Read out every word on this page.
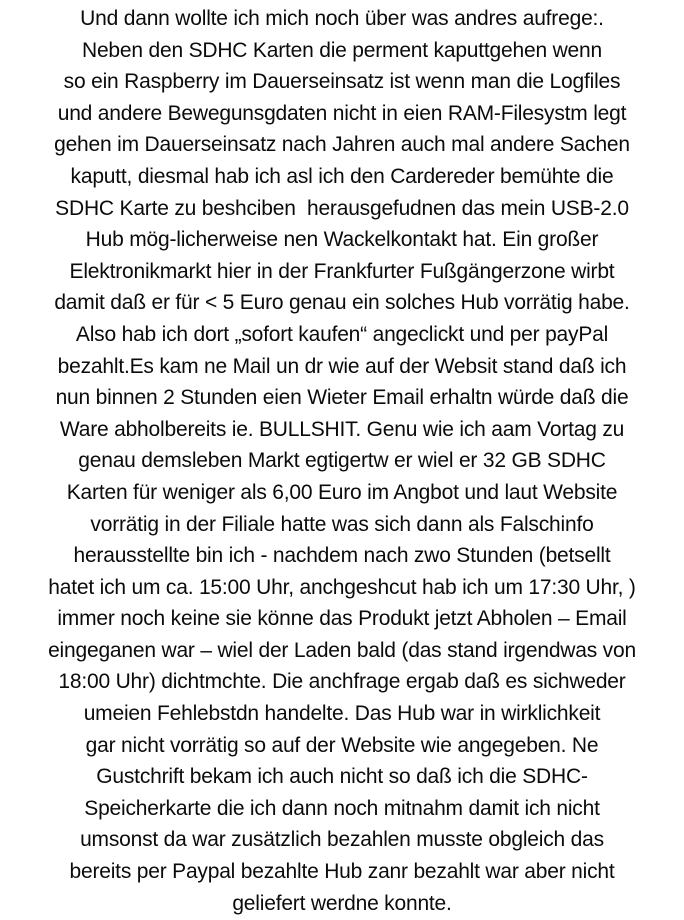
Und dann wollte ich mich noch über was andres aufrege:.
Neben den SDHC Karten die perment kaputtgehen wenn
so ein Raspberry im Dauerseinsatz ist wenn man die Logfiles
und andere Bewegunsgdaten nicht in eien RAM-Filesystm legt
gehen im Dauerseinsatz nach Jahren auch mal andere Sachen
kaputt, diesmal hab ich asl ich den Cardereder bemühte die
SDHC Karte zu beshciben  herausgefudnen das mein USB-2.0
Hub mög-licherweise nen Wackelkontakt hat. Ein großer
Elektronikmarkt hier in der Frankfurter Fußgängerzone wirbt
damit daß er für < 5 Euro genau ein solches Hub vorrätig habe.
Also hab ich dort „sofort kaufen“ angeclickt und per payPal
bezahlt.Es kam ne Mail un dr wie auf der Websit stand daß ich
nun binnen 2 Stunden eien Wieter Email erhaltn würde daß die
Ware abholbereits ie. BULLSHIT. Genu wie ich aam Vortag zu
genau demsleben Markt egtigertw er wiel er 32 GB SDHC
Karten für weniger als 6,00 Euro im Angbot und laut Website
vorrätig in der Filiale hatte was sich dann als Falschinfo
herausstellte bin ich - nachdem nach zwo Stunden (betsellt
hatet ich um ca. 15:00 Uhr, anchgeshcut hab ich um 17:30 Uhr, )
immer noch keine sie könne das Produkt jetzt Abholen – Email
eingeganen war – wiel der Laden bald (das stand irgendwas von
18:00 Uhr) dichtmchte. Die anchfrage ergab daß es sichweder
umeien Fehlebstdn handelte. Das Hub war in wirklichkeit
gar nicht vorrätig so auf der Website wie angegeben. Ne
Gustchrift bekam ich auch nicht so daß ich die SDHC-
Speicherkarte die ich dann noch mitnahm damit ich nicht
umsonst da war zusätzlich bezahlen musste obgleich das
bereits per Paypal bezahlte Hub zanr bezahlt war aber nicht
geliefert werdne konnte.
